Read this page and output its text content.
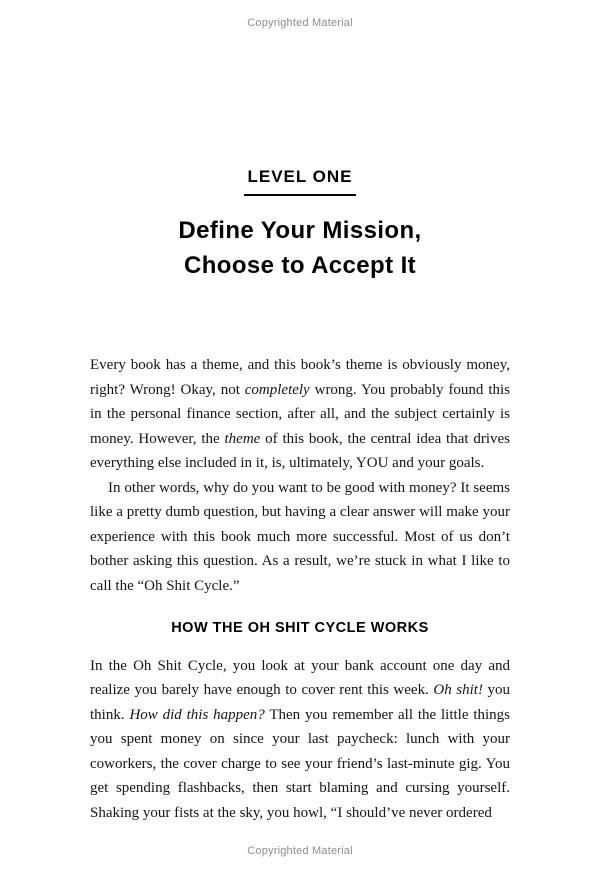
Copyrighted Material
LEVEL ONE
Define Your Mission,
Choose to Accept It

Every book has a theme, and this book’s theme is obviously money, right? Wrong! Okay, not completely wrong. You probably found this in the personal finance section, after all, and the subject certainly is money. However, the theme of this book, the central idea that drives everything else included in it, is, ultimately, YOU and your goals.

In other words, why do you want to be good with money? It seems like a pretty dumb question, but having a clear answer will make your experience with this book much more successful. Most of us don’t bother asking this question. As a result, we’re stuck in what I like to call the “Oh Shit Cycle.”

HOW THE OH SHIT CYCLE WORKS

In the Oh Shit Cycle, you look at your bank account one day and realize you barely have enough to cover rent this week. Oh shit! you think. How did this happen? Then you remember all the little things you spent money on since your last paycheck: lunch with your coworkers, the cover charge to see your friend’s last-minute gig. You get spending flashbacks, then start blaming and cursing yourself. Shaking your fists at the sky, you howl, “I should’ve never ordered

Copyrighted Material
